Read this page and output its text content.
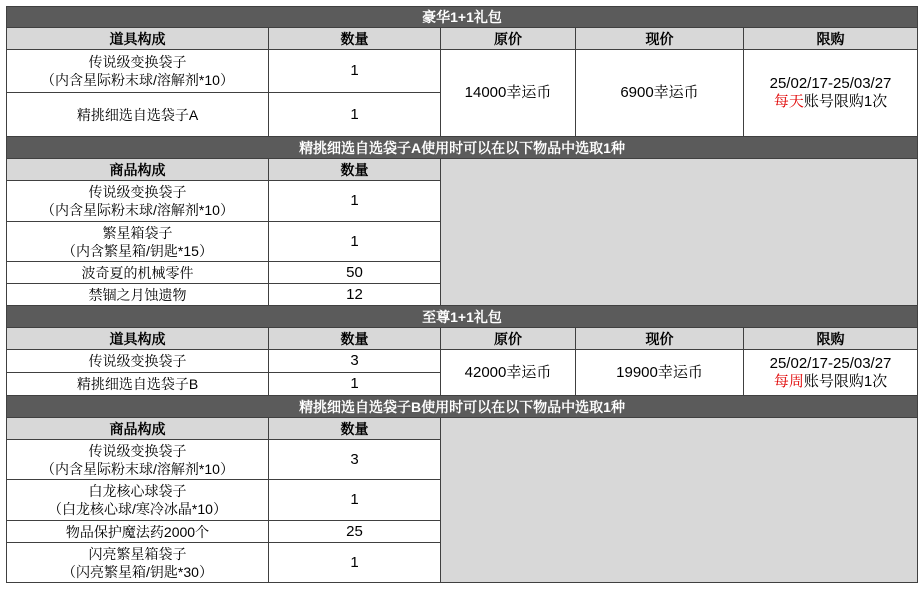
豪华1+1礼包				
道具构成	数量	原价	现价	限购

传说级变换袋子
（内含星际粉末球/溶解剂*10）	1	14000幸运币	6900幸运币	25/02/17-25/03/27
每天账号限购1次

精挑细选自选袋子A	1			
精挑细选自选袋子A使用时可以在以下物品中选取1种				
商品构成	数量			

传说级变换袋子
（内含星际粉末球/溶解剂*10）	1			

繁星箱袋子
（内含繁星箱/钥匙*15）	1			
波奇夏的机械零件	50			
禁锢之月蚀遗物	12			
至尊1+1礼包				
道具构成	数量	原价	现价	限购
传说级变换袋子	3	42000幸运币	19900幸运币	25/02/17-25/03/27
每周账号限购1次

精挑细选自选袋子B	1			
精挑细选自选袋子B使用时可以在以下物品中选取1种				
商品构成	数量			

传说级变换袋子
（内含星际粉末球/溶解剂*10）	3			

白龙核心球袋子
（白龙核心球/寒冷冰晶*10）	1			
物品保护魔法药2000个	25			

闪亮繁星箱袋子
（闪亮繁星箱/钥匙*30）	1			
